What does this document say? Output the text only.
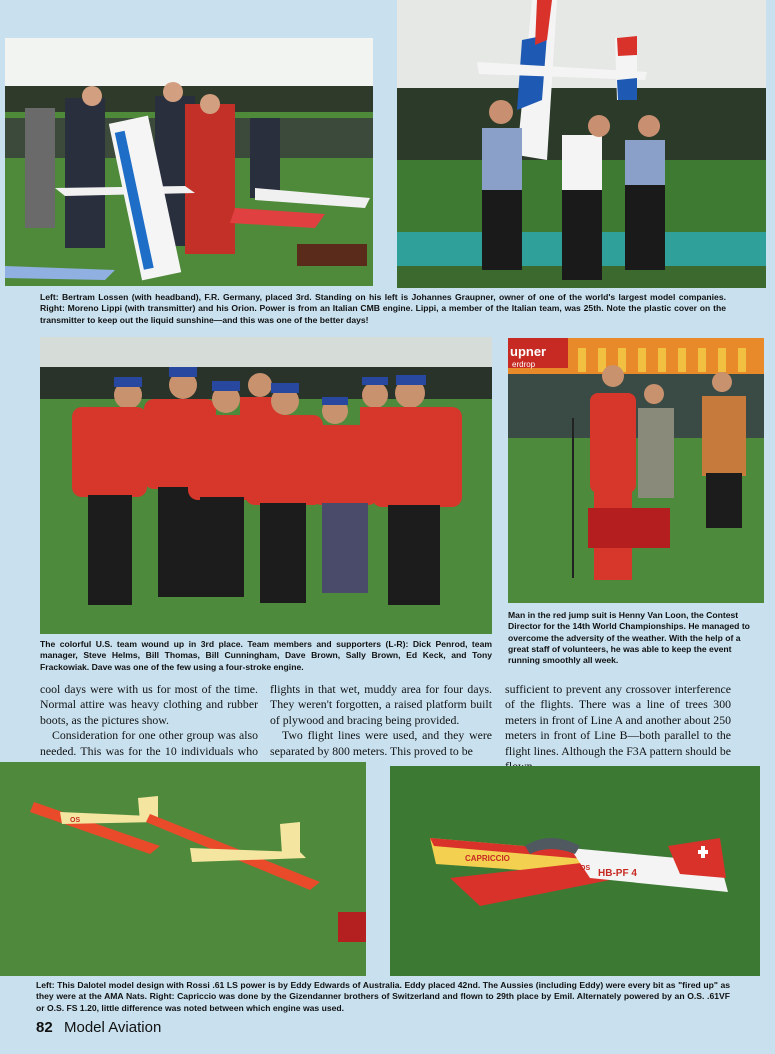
Left: Bertram Lossen (with headband), F.R. Germany, placed 3rd. Standing on his left is Johannes Graupner, owner of one of the world's largest model companies. Right: Moreno Lippi (with transmitter) and his Orion. Power is from an Italian CMB engine. Lippi, a member of the Italian team, was 25th. Note the plastic cover on the transmitter to keep out the liquid sunshine—and this was one of the better days!
upner
erdrop
The colorful U.S. team wound up in 3rd place. Team members and supporters (L-R): Dick Penrod, team manager, Steve Helms, Bill Thomas, Bill Cunningham, Dave Brown, Sally Brown, Ed Keck, and Tony Frackowiak. Dave was one of the few using a four-stroke engine.
Man in the red jump suit is Henny Van Loon, the Contest Director for the 14th World Championships. He managed to overcome the adversity of the weather. With the help of a great staff of volunteers, he was able to keep the event running smoothly all week.

cool days were with us for most of the time. Normal attire was heavy clothing and rubber boots, as the pictures show.

Consideration for one other group was also needed. This was for the 10 individuals who

flights in that wet, muddy area for four days. They weren't forgotten, a raised platform built of plywood and bracing being provided.

Two flight lines were used, and they were separated by 800 meters. This proved to be

sufficient to prevent any crossover interference of the flights. There was a line of trees 300 meters in front of Line A and another about 250 meters in front of Line B—both parallel to the flight lines. Although the F3A pattern should be

OS
CAPRICCIO
HB-PF 4
OS
Left: This Dalotel model design with Rossi .61 LS power is by Eddy Edwards of Australia. Eddy placed 42nd. The Aussies (including Eddy) were every bit as "fired up" as they were at the AMA Nats. Right: Capriccio was done by the Gizendanner brothers of Switzerland and flown to 29th place by Emil. Alternately powered by an O.S. .61VF or O.S. FS 1.20, little difference was noted between which engine was used.
82 Model Aviation
